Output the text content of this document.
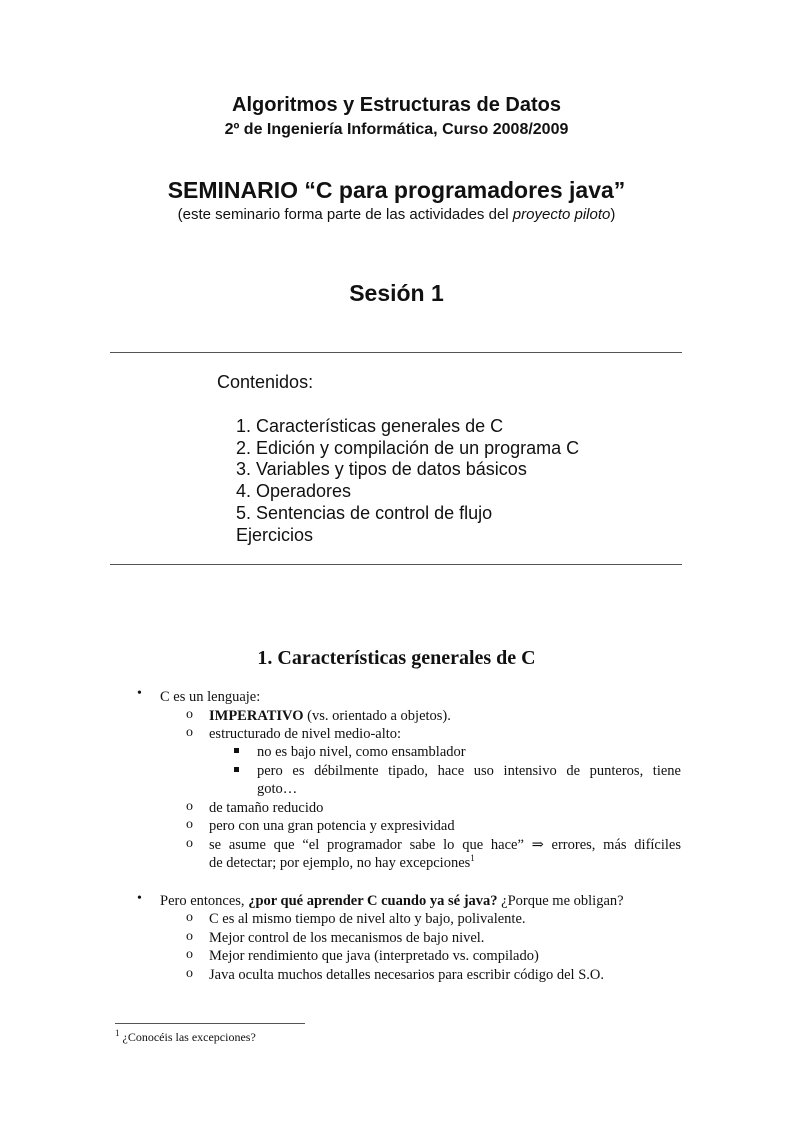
Algoritmos y Estructuras de Datos
2º de Ingeniería Informática, Curso 2008/2009
SEMINARIO “C para programadores java”
(este seminario forma parte de las actividades del proyecto piloto)
Sesión 1
Contenidos:
1. Características generales de C
2. Edición y compilación de un programa C
3. Variables y tipos de datos básicos
4. Operadores
5. Sentencias de control de flujo
Ejercicios
1. Características generales de C
• C es un lenguaje:
o IMPERATIVO (vs. orientado a objetos).
o estructurado de nivel medio-alto:
no es bajo nivel, como ensamblador
pero es débilmente tipado, hace uso intensivo de punteros, tiene
goto…
o de tamaño reducido
o pero con una gran potencia y expresividad
o se asume que “el programador sabe lo que hace” ⇒ errores, más difíciles
de detectar; por ejemplo, no hay excepciones$^1$
• Pero entonces, ¿por qué aprender C cuando ya sé java? ¿Porque me obligan?
o C es al mismo tiempo de nivel alto y bajo, polivalente.
o Mejor control de los mecanismos de bajo nivel.
o Mejor rendimiento que java (interpretado vs. compilado)
o Java oculta muchos detalles necesarios para escribir código del S.O.
$^1$ ¿Conocéis las excepciones?
